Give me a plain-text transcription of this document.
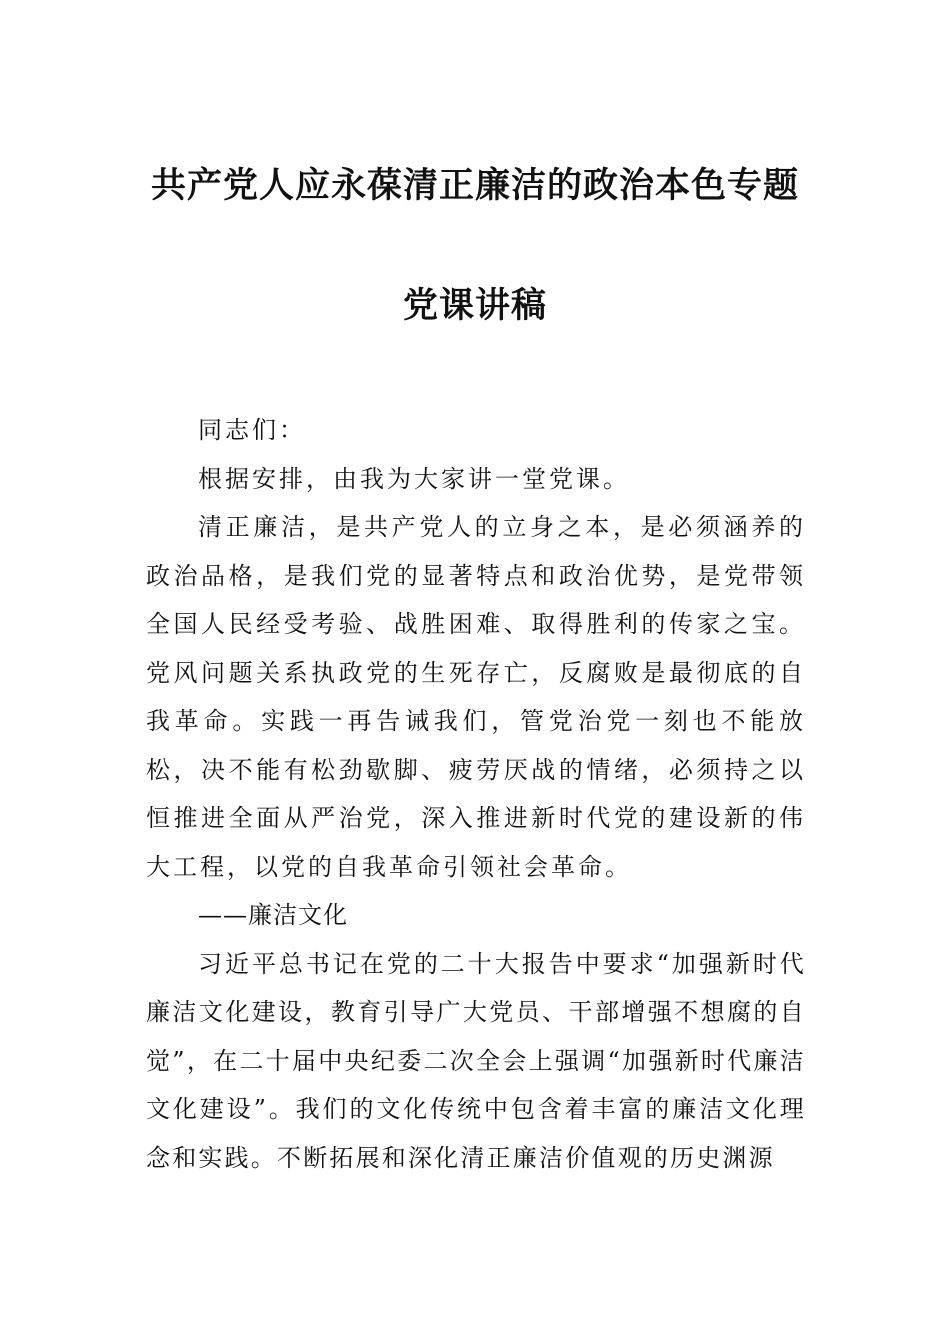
共产党人应永葆清正廉洁的政治本色专题
党课讲稿

同志们：

根据安排，由我为大家讲一堂党课。

清正廉洁，是共产党人的立身之本，是必须涵养的政治品格，是我们党的显著特点和政治优势，是党带领全国人民经受考验、战胜困难、取得胜利的传家之宝。党风问题关系执政党的生死存亡，反腐败是最彻底的自我革命。实践一再告诫我们，管党治党一刻也不能放松，决不能有松劲歇脚、疲劳厌战的情绪，必须持之以恒推进全面从严治党，深入推进新时代党的建设新的伟大工程，以党的自我革命引领社会革命。

——廉洁文化

习近平总书记在党的二十大报告中要求“加强新时代廉洁文化建设，教育引导广大党员、干部增强不想腐的自觉”，在二十届中央纪委二次全会上强调“加强新时代廉洁文化建设”。我们的文化传统中包含着丰富的廉洁文化理念和实践。不断拓展和深化清正廉洁价值观的历史渊源
